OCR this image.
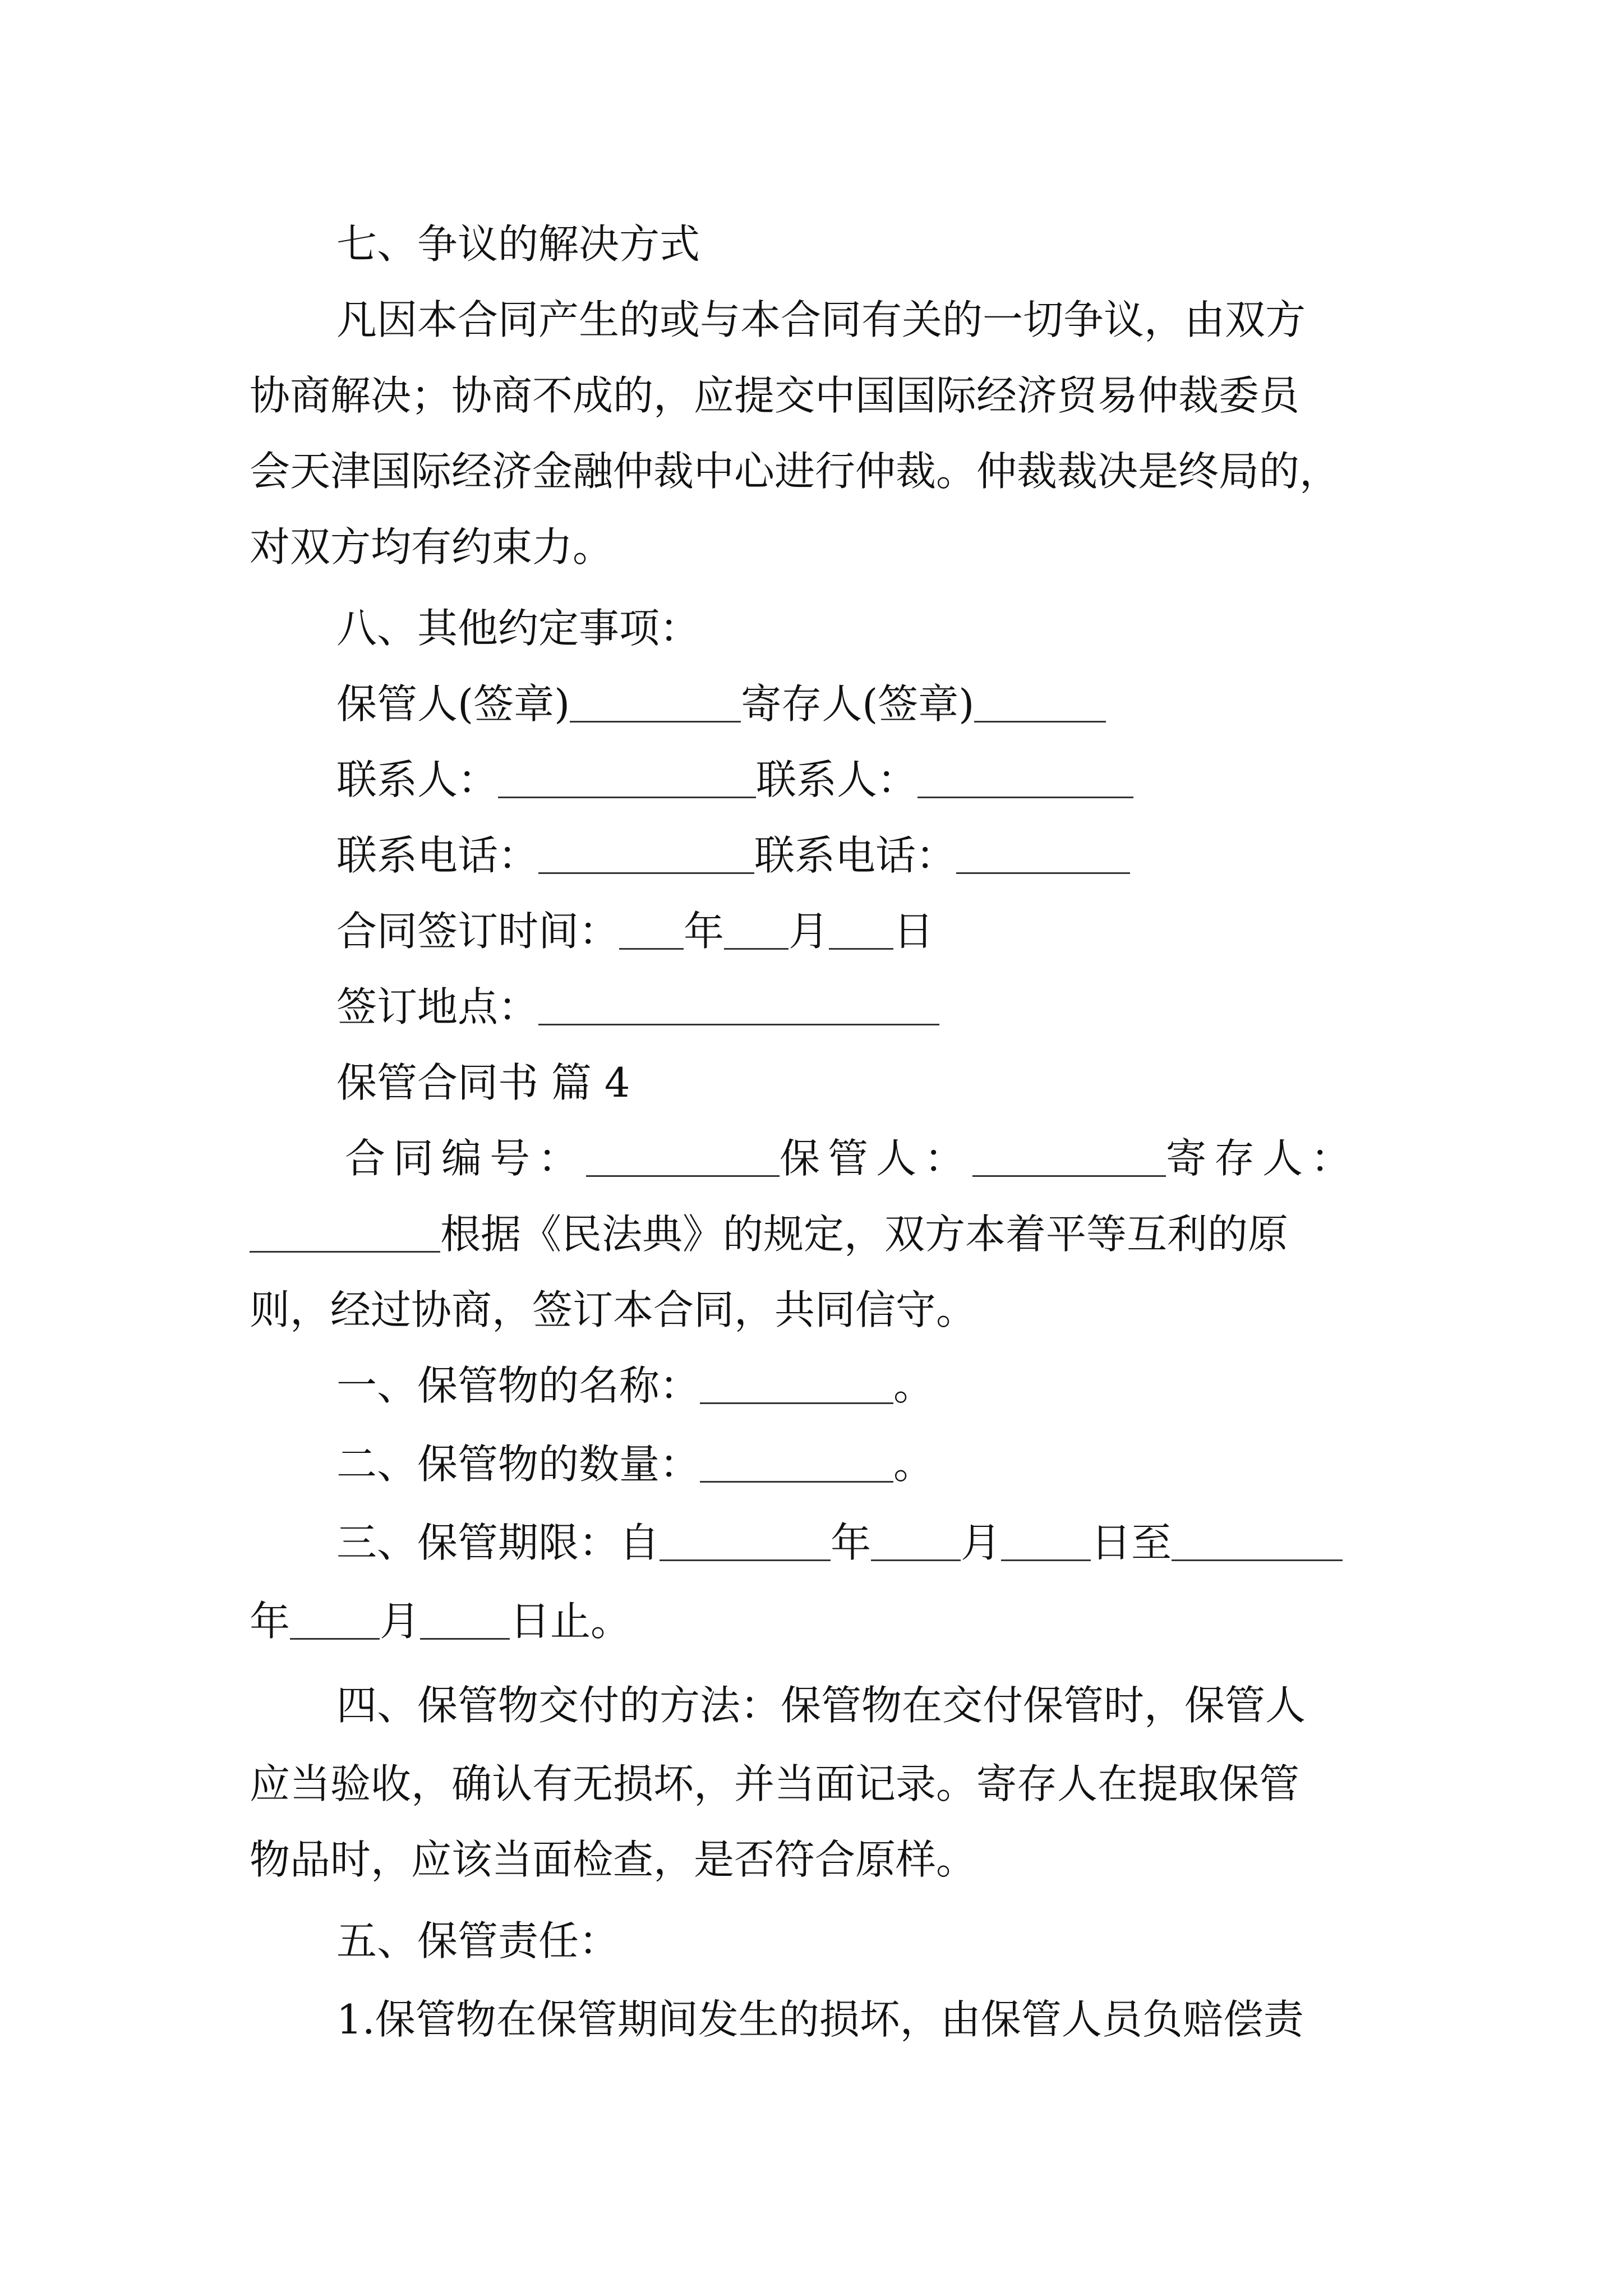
七、争议的解决方式
凡因本合同产生的或与本合同有关的一切争议，由双方
协商解决；协商不成的，应提交中国国际经济贸易仲裁委员
会天津国际经济金融仲裁中心进行仲裁。仲裁裁决是终局的，
对双方均有约束力。
八、其他约定事项：
保管人(签章)	寄存人(签章)
联系人：	联系人：
联系电话：	联系电话：
合同签订时间： 年 月 日
签订地点：
保管合同书 篇 4
合同编号：	保管人：	寄存人：
根据《民法典》的规定，双方本着平等互利的原
则，经过协商，签订本合同，共同信守。
一、保管物的名称：	。
二、保管物的数量：	。
三、保管期限：自	年 月 日至
年 月 日止。
四、保管物交付的方法：保管物在交付保管时，保管人
应当验收，确认有无损坏，并当面记录。寄存人在提取保管
物品时，应该当面检查，是否符合原样。
五、保管责任：
1.保管物在保管期间发生的损坏，由保管人员负赔偿责
